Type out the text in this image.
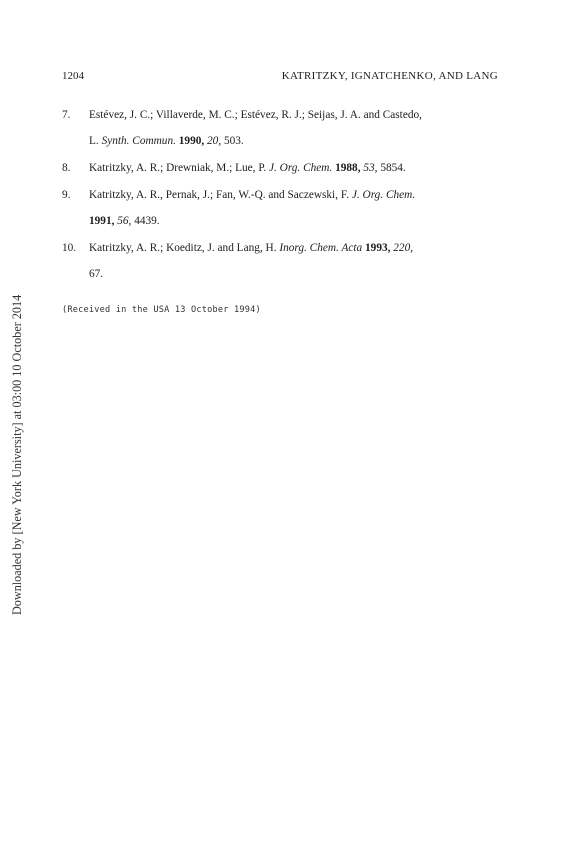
1204	KATRITZKY, IGNATCHENKO, AND LANG
7. Estévez, J. C.; Villaverde, M. C.; Estévez, R. J.; Seijas, J. A. and Castedo,
L. Synth. Commun. 1990, 20, 503.
8. Katritzky, A. R.; Drewniak, M.; Lue, P. J. Org. Chem. 1988, 53, 5854.
9. Katritzky, A. R., Pernak, J.; Fan, W.-Q. and Saczewski, F. J. Org. Chem.
1991, 56, 4439.
10. Katritzky, A. R.; Koeditz, J. and Lang, H. Inorg. Chem. Acta 1993, 220,
67.
(Received in the USA 13 October 1994)
Downloaded by [New York University] at 03:00 10 October 2014
